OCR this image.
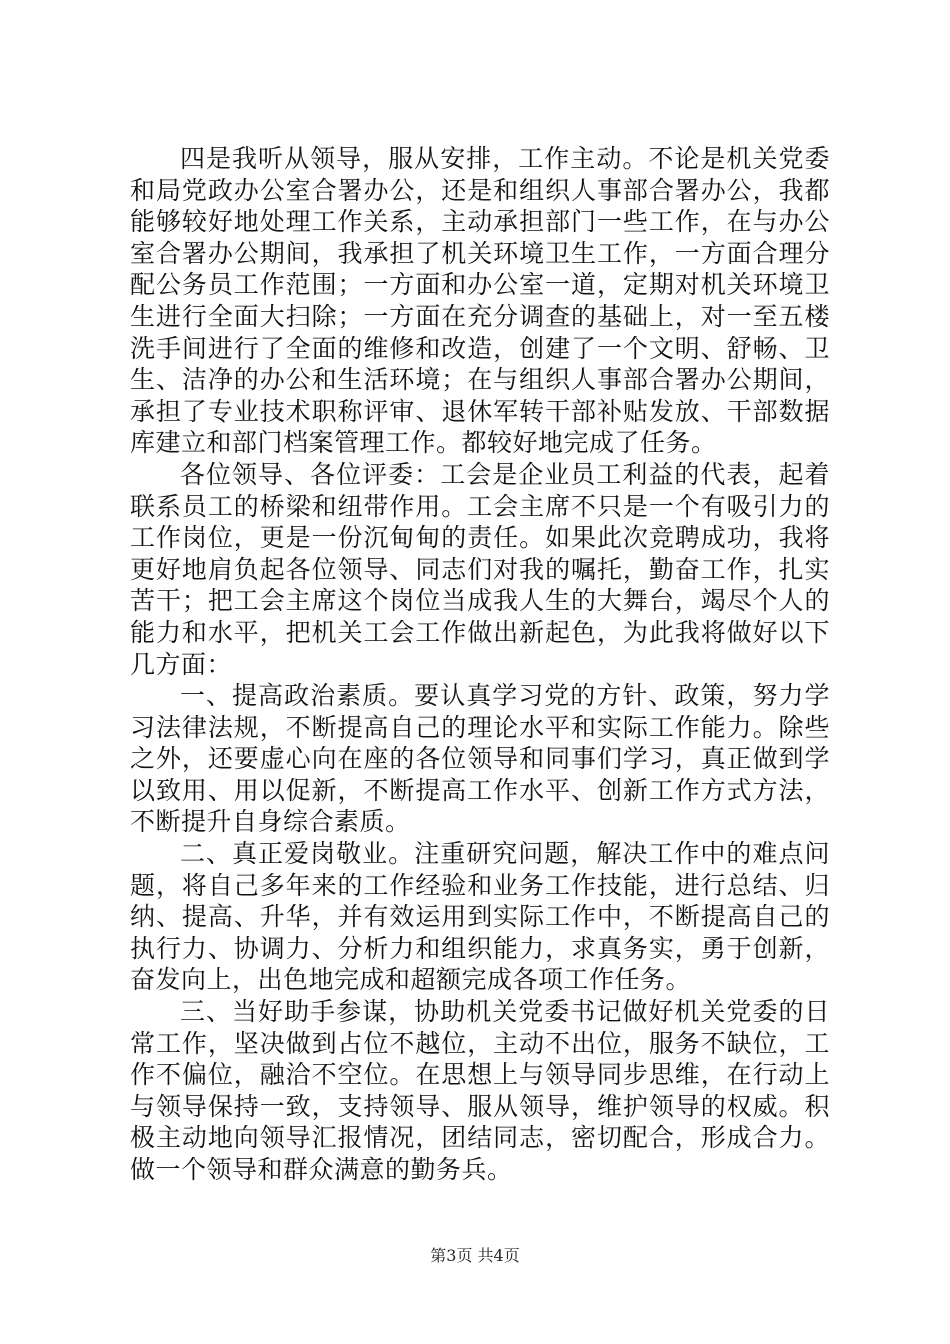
四是我听从领导，服从安排，工作主动。不论是机关党委和局党政办公室合署办公，还是和组织人事部合署办公，我都能够较好地处理工作关系，主动承担部门一些工作，在与办公室合署办公期间，我承担了机关环境卫生工作，一方面合理分配公务员工作范围；一方面和办公室一道，定期对机关环境卫生进行全面大扫除；一方面在充分调查的基础上，对一至五楼洗手间进行了全面的维修和改造，创建了一个文明、舒畅、卫生、洁净的办公和生活环境；在与组织人事部合署办公期间，承担了专业技术职称评审、退休军转干部补贴发放、干部数据库建立和部门档案管理工作。都较好地完成了任务。

各位领导、各位评委：工会是企业员工利益的代表，起着联系员工的桥梁和纽带作用。工会主席不只是一个有吸引力的工作岗位，更是一份沉甸甸的责任。如果此次竞聘成功，我将更好地肩负起各位领导、同志们对我的嘱托，勤奋工作，扎实苦干；把工会主席这个岗位当成我人生的大舞台，竭尽个人的能力和水平，把机关工会工作做出新起色，为此我将做好以下几方面：

一、提高政治素质。要认真学习党的方针、政策，努力学习法律法规，不断提高自己的理论水平和实际工作能力。除些之外，还要虚心向在座的各位领导和同事们学习，真正做到学以致用、用以促新，不断提高工作水平、创新工作方式方法，不断提升自身综合素质。

二、真正爱岗敬业。注重研究问题，解决工作中的难点问题，将自己多年来的工作经验和业务工作技能，进行总结、归纳、提高、升华，并有效运用到实际工作中，不断提高自己的执行力、协调力、分析力和组织能力，求真务实，勇于创新，奋发向上，出色地完成和超额完成各项工作任务。

三、当好助手参谋，协助机关党委书记做好机关党委的日常工作，坚决做到占位不越位，主动不出位，服务不缺位，工作不偏位，融洽不空位。在思想上与领导同步思维，在行动上与领导保持一致，支持领导、服从领导，维护领导的权威。积极主动地向领导汇报情况，团结同志，密切配合，形成合力。做一个领导和群众满意的勤务兵。

第3页 共4页
